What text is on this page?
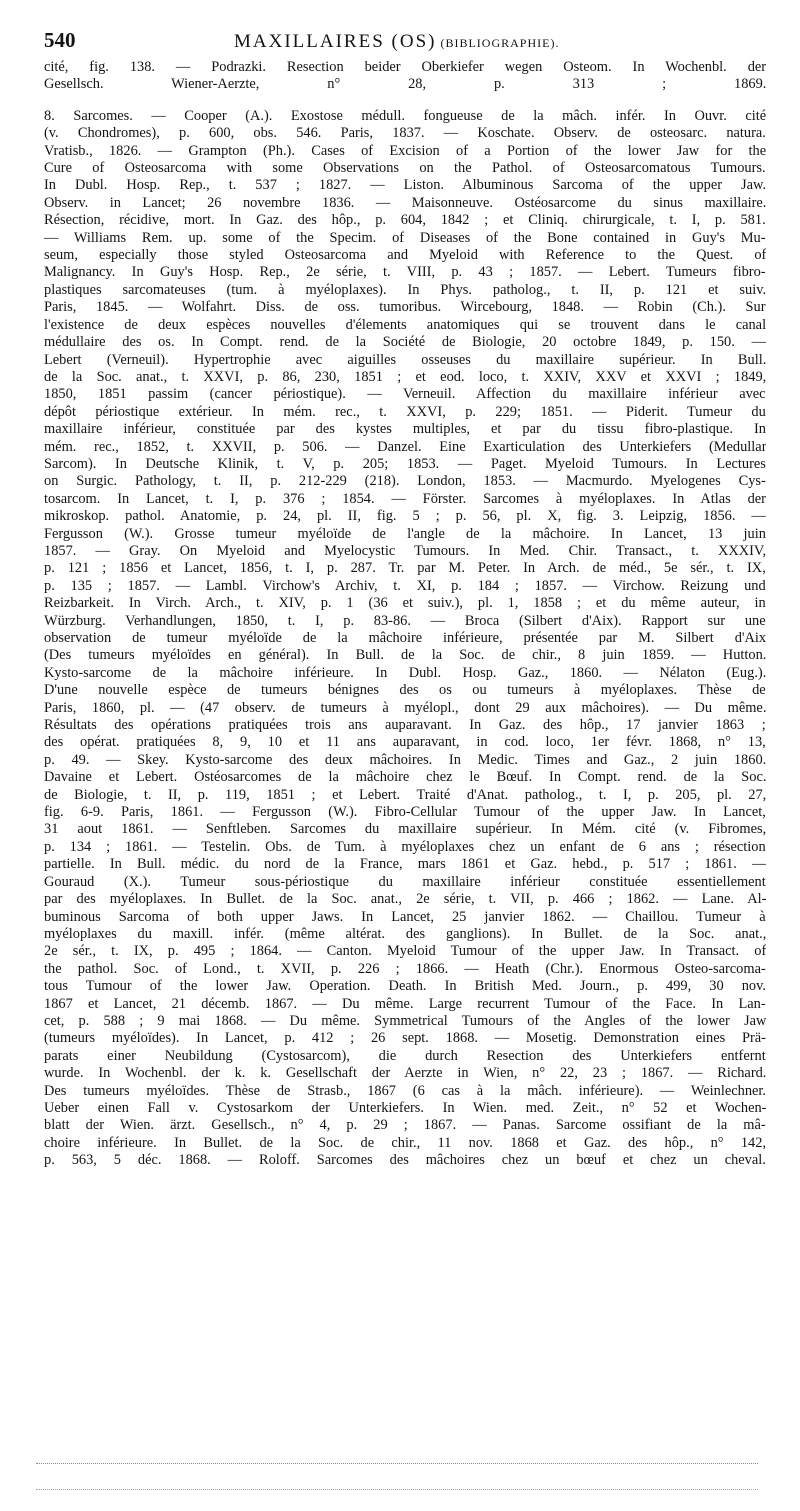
540	MAXILLAIRES (OS) (BIBLIOGRAPHIE).
cité, fig. 138. — Podrazki. Resection beider Oberkiefer wegen Osteom. In Wochenbl. der
Gesellsch. Wiener-Aerzte, n° 28, p. 313 ; 1869.
8. Sarcomes. — Cooper (A.). Exostose médull. fongueuse de la mâch. infér. In Ouvr. cité
(v. Chondromes), p. 600, obs. 546. Paris, 1837. — Koschate. Observ. de osteosarc. natura.
Vratisb., 1826. — Grampton (Ph.). Cases of Excision of a Portion of the lower Jaw for the
Cure of Osteosarcoma with some Observations on the Pathol. of Osteosarcomatous Tumours.
In Dubl. Hosp. Rep., t. 537 ; 1827. — Liston. Albuminous Sarcoma of the upper Jaw.
Observ. in Lancet; 26 novembre 1836. — Maisonneuve. Ostéosarcome du sinus maxillaire.
Résection, récidive, mort. In Gaz. des hôp., p. 604, 1842 ; et Cliniq. chirurgicale, t. I, p. 581.
— Williams Rem. up. some of the Specim. of Diseases of the Bone contained in Guy's Mu-
seum, especially those styled Osteosarcoma and Myeloid with Reference to the Quest. of
Malignancy. In Guy's Hosp. Rep., 2e série, t. VIII, p. 43 ; 1857. — Lebert. Tumeurs fibro-
plastiques sarcomateuses (tum. à myéloplaxes). In Phys. patholog., t. II, p. 121 et suiv.
Paris, 1845. — Wolfahrt. Diss. de oss. tumoribus. Wircebourg, 1848. — Robin (Ch.). Sur
l'existence de deux espèces nouvelles d'élements anatomiques qui se trouvent dans le canal
médullaire des os. In Compt. rend. de la Société de Biologie, 20 octobre 1849, p. 150. —
Lebert (Verneuil). Hypertrophie avec aiguilles osseuses du maxillaire supérieur. In Bull.
de la Soc. anat., t. XXVI, p. 86, 230, 1851 ; et eod. loco, t. XXIV, XXV et XXVI ; 1849,
1850, 1851 passim (cancer périostique). — Verneuil. Affection du maxillaire inférieur avec
dépôt périostique extérieur. In mém. rec., t. XXVI, p. 229; 1851. — Piderit. Tumeur du
maxillaire inférieur, constituée par des kystes multiples, et par du tissu fibro-plastique. In
mém. rec., 1852, t. XXVII, p. 506. — Danzel. Eine Exarticulation des Unterkiefers (Medullar
Sarcom). In Deutsche Klinik, t. V, p. 205; 1853. — Paget. Myeloid Tumours. In Lectures
on Surgic. Pathology, t. II, p. 212-229 (218). London, 1853. — Macmurdo. Myelogenes Cys-
tosarcom. In Lancet, t. I, p. 376 ; 1854. — Förster. Sarcomes à myéloplaxes. In Atlas der
mikroskop. pathol. Anatomie, p. 24, pl. II, fig. 5 ; p. 56, pl. X, fig. 3. Leipzig, 1856. —
Fergusson (W.). Grosse tumeur myéloïde de l'angle de la mâchoire. In Lancet, 13 juin
1857. — Gray. On Myeloid and Myelocystic Tumours. In Med. Chir. Transact., t. XXXIV,
p. 121 ; 1856 et Lancet, 1856, t. I, p. 287. Tr. par M. Peter. In Arch. de méd., 5e sér., t. IX,
p. 135 ; 1857. — Lambl. Virchow's Archiv, t. XI, p. 184 ; 1857. — Virchow. Reizung und
Reizbarkeit. In Virch. Arch., t. XIV, p. 1 (36 et suiv.), pl. 1, 1858 ; et du même auteur, in
Würzburg. Verhandlungen, 1850, t. I, p. 83-86. — Broca (Silbert d'Aix). Rapport sur une
observation de tumeur myéloïde de la mâchoire inférieure, présentée par M. Silbert d'Aix
(Des tumeurs myéloïdes en général). In Bull. de la Soc. de chir., 8 juin 1859. — Hutton.
Kysto-sarcome de la mâchoire inférieure. In Dubl. Hosp. Gaz., 1860. — Nélaton (Eug.).
D'une nouvelle espèce de tumeurs bénignes des os ou tumeurs à myéloplaxes. Thèse de
Paris, 1860, pl. — (47 observ. de tumeurs à myélopl., dont 29 aux mâchoires). — Du même.
Résultats des opérations pratiquées trois ans auparavant. In Gaz. des hôp., 17 janvier 1863 ;
des opérat. pratiquées 8, 9, 10 et 11 ans auparavant, in cod. loco, 1er févr. 1868, n° 13,
p. 49. — Skey. Kysto-sarcome des deux mâchoires. In Medic. Times and Gaz., 2 juin 1860.
Davaine et Lebert. Ostéosarcomes de la mâchoire chez le Bœuf. In Compt. rend. de la Soc.
de Biologie, t. II, p. 119, 1851 ; et Lebert. Traité d'Anat. patholog., t. I, p. 205, pl. 27,
fig. 6-9. Paris, 1861. — Fergusson (W.). Fibro-Cellular Tumour of the upper Jaw. In Lancet,
31 aout 1861. — Senftleben. Sarcomes du maxillaire supérieur. In Mém. cité (v. Fibromes,
p. 134 ; 1861. — Testelin. Obs. de Tum. à myéloplaxes chez un enfant de 6 ans ; résection
partielle. In Bull. médic. du nord de la France, mars 1861 et Gaz. hebd., p. 517 ; 1861. —
Gouraud (X.). Tumeur sous-périostique du maxillaire inférieur constituée essentiellement
par des myéloplaxes. In Bullet. de la Soc. anat., 2e série, t. VII, p. 466 ; 1862. — Lane. Al-
buminous Sarcoma of both upper Jaws. In Lancet, 25 janvier 1862. — Chaillou. Tumeur à
myéloplaxes du maxill. infér. (même altérat. des ganglions). In Bullet. de la Soc. anat.,
2e sér., t. IX, p. 495 ; 1864. — Canton. Myeloid Tumour of the upper Jaw. In Transact. of
the pathol. Soc. of Lond., t. XVII, p. 226 ; 1866. — Heath (Chr.). Enormous Osteo-sarcoma-
tous Tumour of the lower Jaw. Operation. Death. In British Med. Journ., p. 499, 30 nov.
1867 et Lancet, 21 décemb. 1867. — Du même. Large recurrent Tumour of the Face. In Lan-
cet, p. 588 ; 9 mai 1868. — Du même. Symmetrical Tumours of the Angles of the lower Jaw
(tumeurs myéloïdes). In Lancet, p. 412 ; 26 sept. 1868. — Mosetig. Demonstration eines Prä-
parats einer Neubildung (Cystosarcom), die durch Resection des Unterkiefers entfernt
wurde. In Wochenbl. der k. k. Gesellschaft der Aerzte in Wien, n° 22, 23 ; 1867. — Richard.
Des tumeurs myéloïdes. Thèse de Strasb., 1867 (6 cas à la mâch. inférieure). — Weinlechner.
Ueber einen Fall v. Cystosarkom der Unterkiefers. In Wien. med. Zeit., n° 52 et Wochen-
blatt der Wien. ärzt. Gesellsch., n° 4, p. 29 ; 1867. — Panas. Sarcome ossifiant de la mâ-
choire inférieure. In Bullet. de la Soc. de chir., 11 nov. 1868 et Gaz. des hôp., n° 142,
p. 563, 5 déc. 1868. — Roloff. Sarcomes des mâchoires chez un bœuf et chez un cheval.
